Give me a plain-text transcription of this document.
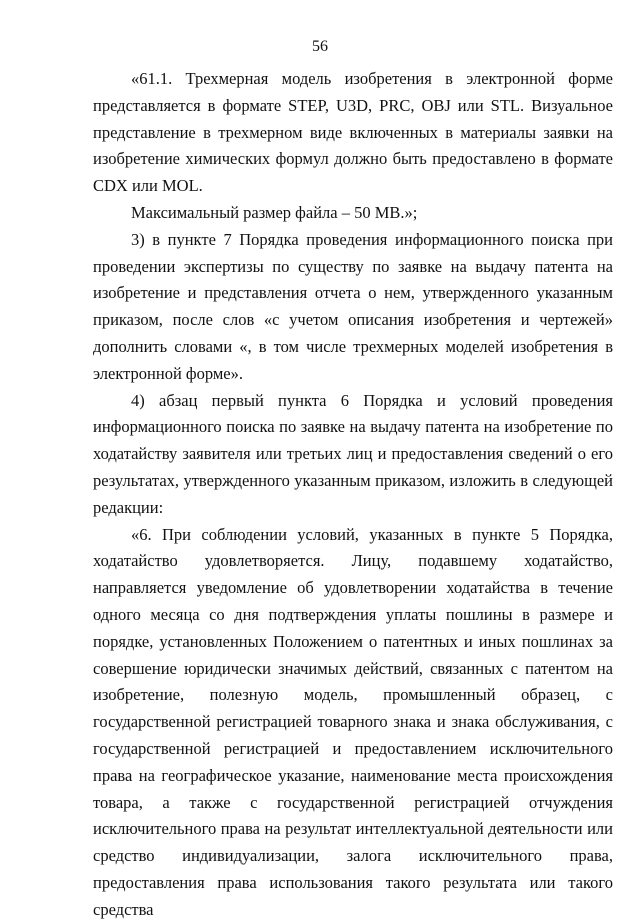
56

«61.1. Трехмерная модель изобретения в электронной форме представляется в формате STEP, U3D, PRC, OBJ или STL. Визуальное представление в трехмерном виде включенных в материалы заявки на изобретение химических формул должно быть предоставлено в формате CDX или MOL.

Максимальный размер файла – 50 MB.»;

3) в пункте 7 Порядка проведения информационного поиска при проведении экспертизы по существу по заявке на выдачу патента на изобретение и представления отчета о нем, утвержденного указанным приказом, после слов «с учетом описания изобретения и чертежей» дополнить словами «, в том числе трехмерных моделей изобретения в электронной форме».

4) абзац первый пункта 6 Порядка и условий проведения информационного поиска по заявке на выдачу патента на изобретение по ходатайству заявителя или третьих лиц и предоставления сведений о его результатах, утвержденного указанным приказом, изложить в следующей редакции:

«6. При соблюдении условий, указанных в пункте 5 Порядка, ходатайство удовлетворяется. Лицу, подавшему ходатайство, направляется уведомление об удовлетворении ходатайства в течение одного месяца со дня подтверждения уплаты пошлины в размере и порядке, установленных Положением о патентных и иных пошлинах за совершение юридически значимых действий, связанных с патентом на изобретение, полезную модель, промышленный образец, с государственной регистрацией товарного знака и знака обслуживания, с государственной регистрацией и предоставлением исключительного права на географическое указание, наименование места происхождения товара, а также с государственной регистрацией отчуждения исключительного права на результат интеллектуальной деятельности или средство индивидуализации, залога исключительного права, предоставления права использования такого результата или такого средства
